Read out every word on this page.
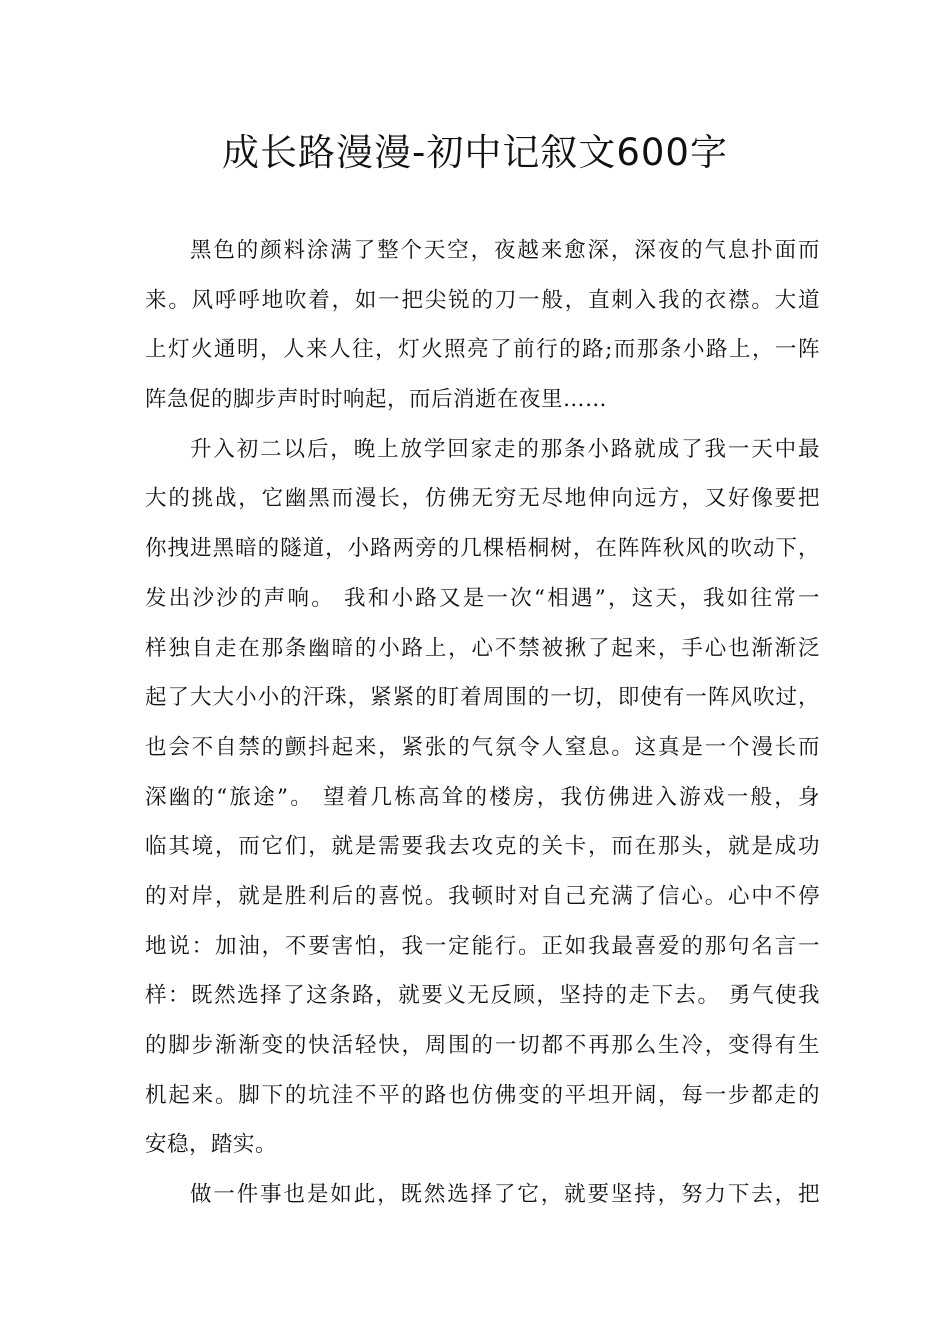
成长路漫漫-初中记叙文600字
黑色的颜料涂满了整个天空，夜越来愈深，深夜的气息扑面而
来。风呼呼地吹着，如一把尖锐的刀一般，直刺入我的衣襟。大道
上灯火通明，人来人往，灯火照亮了前行的路;而那条小路上，一阵
阵急促的脚步声时时响起，而后消逝在夜里……
升入初二以后，晚上放学回家走的那条小路就成了我一天中最
大的挑战，它幽黑而漫长，仿佛无穷无尽地伸向远方，又好像要把
你拽进黑暗的隧道，小路两旁的几棵梧桐树，在阵阵秋风的吹动下，
发出沙沙的声响。 我和小路又是一次“相遇”，这天，我如往常一
样独自走在那条幽暗的小路上，心不禁被揪了起来，手心也渐渐泛
起了大大小小的汗珠，紧紧的盯着周围的一切，即使有一阵风吹过，
也会不自禁的颤抖起来，紧张的气氛令人窒息。这真是一个漫长而
深幽的“旅途”。 望着几栋高耸的楼房，我仿佛进入游戏一般，身
临其境，而它们，就是需要我去攻克的关卡，而在那头，就是成功
的对岸，就是胜利后的喜悦。我顿时对自己充满了信心。心中不停
地说：加油，不要害怕，我一定能行。正如我最喜爱的那句名言一
样：既然选择了这条路，就要义无反顾，坚持的走下去。 勇气使我
的脚步渐渐变的快活轻快，周围的一切都不再那么生冷，变得有生
机起来。脚下的坑洼不平的路也仿佛变的平坦开阔，每一步都走的
安稳，踏实。
做一件事也是如此，既然选择了它，就要坚持，努力下去，把
